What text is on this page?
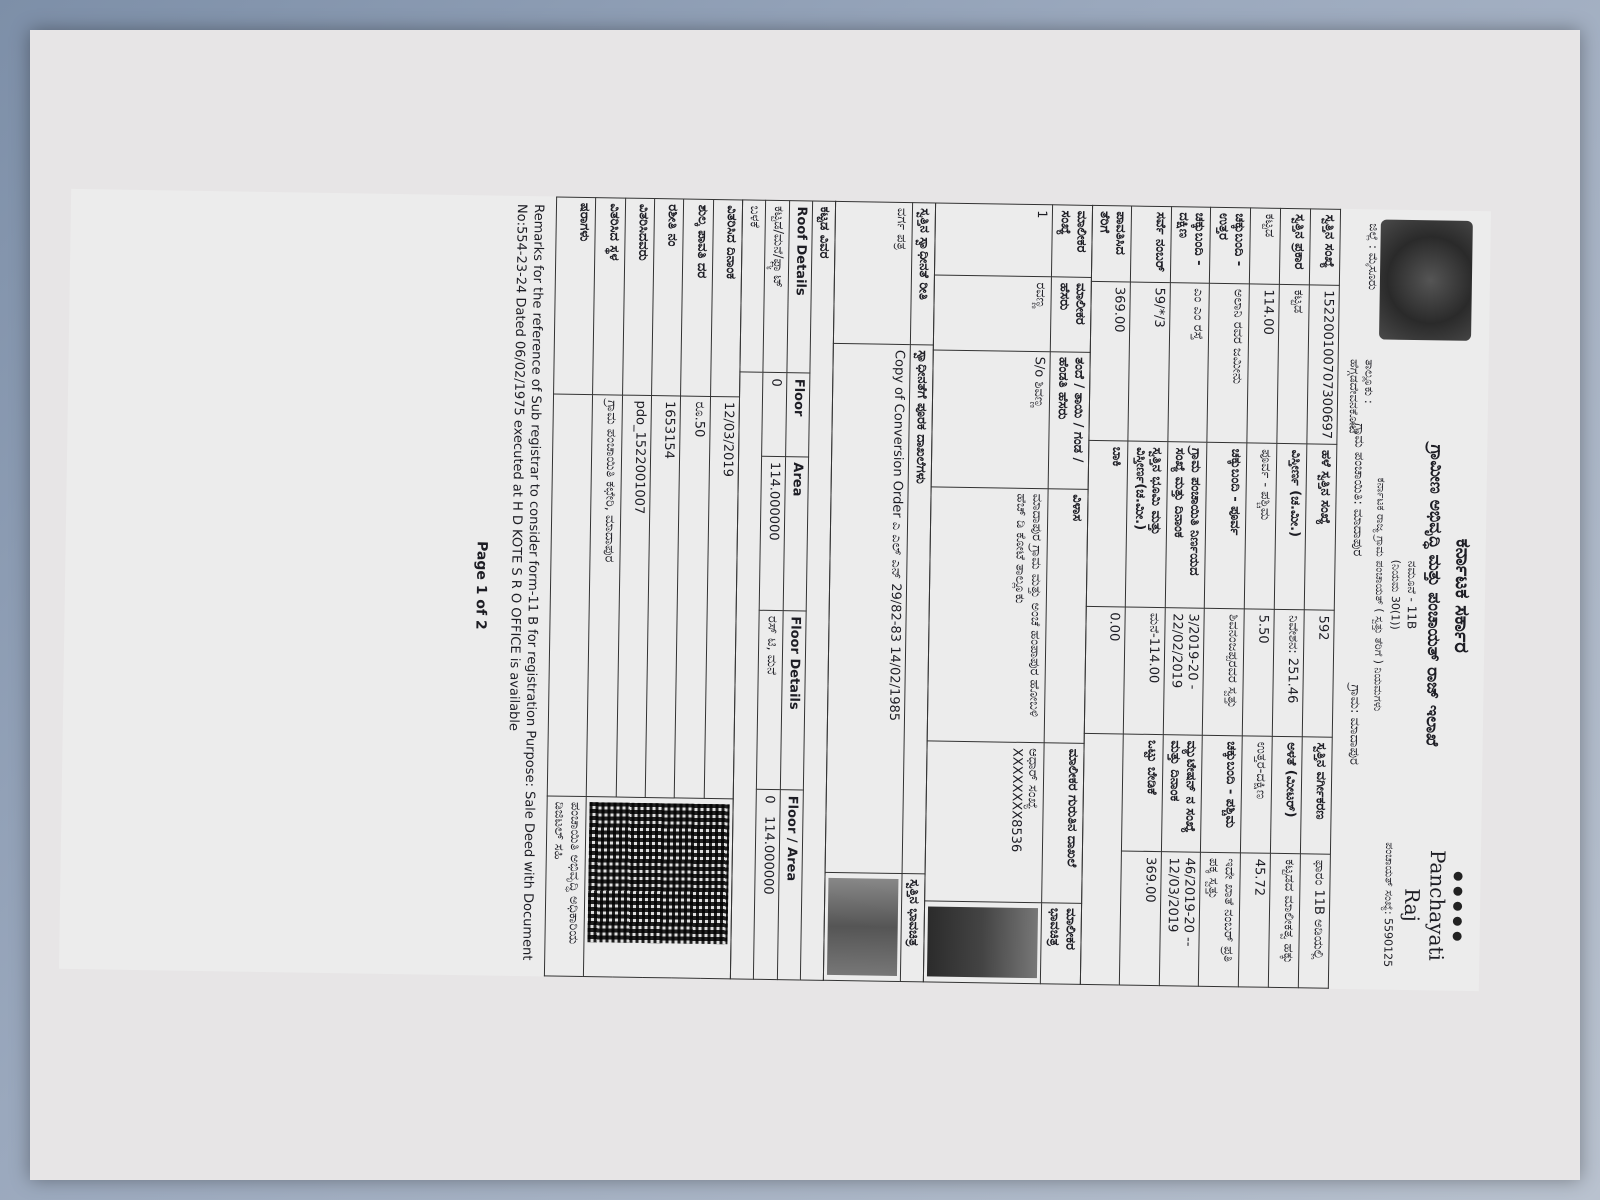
ಜಿಲ್ಲೆ : ಮೈಸೂರು
ಕರ್ನಾಟಕ ಸರ್ಕಾರ
ಗ್ರಾಮೀಣ ಅಭಿವೃದ್ಧಿ ಮತ್ತು ಪಂಚಾಯತ್ ರಾಜ್ ಇಲಾಖೆ
ನಮೂನೆ - 11B
(ನಿಯಮ 30(1))
ಕರ್ನಾಟಕ ರಾಜ್ಯ ಗ್ರಾಮ ಪಂಚಾಯತ್ ( ಸ್ವತ್ತು ತೆರಿಗೆ ) ನಿಯಮಗಳು
ಗ್ರಾಮ ಪಂಚಾಯಿತಿ: ಮಾದಾಪುರ
ಗ್ರಾಮ: ಮಾದಾಪುರ
ತಾಲ್ಲೂಕು :
ಹೆಗ್ಗಡದೇವನಕೋಟೆ
Panchayati Raj
ಪಂಚಾಯತ್ ಸಂಖ್ಯೆ: 5590125
ಸ್ವತ್ತಿನ ಸಂಖ್ಯೆ	152200100707300697	ಹಳೆ ಸ್ವತ್ತಿನ ಸಂಖ್ಯೆ	592	ಸ್ವತ್ತಿನ ವರ್ಗೀಕರಣ	ಫಾರಂ 11B ಅಡಿಯಲ್ಲಿ
ಸ್ವತ್ತಿನ ಪ್ರಕಾರ	ಕಟ್ಟಡ	ವಿಸ್ತೀರ್ಣ (ಚ.ಮೀ.)	ನಿವೇಶನ: 251.46	ಅಳತೆ (ಮೀಟರ್)	ಕಟ್ಟಡದ ಮಾಲೀಕತ್ವ ಹಕ್ಕು
ಕಟ್ಟಡ	114.00	ಪೂರ್ವ - ಪಶ್ಚಿಮ	5.50	ಉತ್ತರ-ದಕ್ಷಿಣ	45.72
ಚಕ್ಕುಬಂದಿ - ಉತ್ತರ	ಅಲಾನಿ ರವರ ಜಮೀನು	ಚಕ್ಕುಬಂದಿ - ಪೂರ್ವ	ಶಿವನಂಜಪ್ಪರವರ ಸ್ವತ್ತು	ಚಕ್ಕುಬಂದಿ - ಪಶ್ಚಿಮ	ಇದೇ ಖಾತೆ ನಂಬರ್ ಪ್ರತಿ ಪಕ್ಕ ಸ್ವತ್ತು
ಚಕ್ಕುಬಂದಿ - ದಕ್ಷಿಣ	ಎಂ ಎಂ ರಸ್ತೆ	ಗ್ರಾಮ ಪಂಚಾಯಿತಿ ನಿರ್ಣಯದ ಸಂಖ್ಯೆ ಮತ್ತು ದಿನಾಂಕ	3/2019-20 - 22/02/2019	ಮ್ಯುಟೇಷನ್ ನ ಸಂಖ್ಯೆ ಮತ್ತು ದಿನಾಂಕ	46/2019-20 -- 12/03/2019
ಸರ್ವೆ ನಂಬರ್	59/*/3	ಸ್ವತ್ತಿನ ಭೂಮಿ ಮತ್ತು ವಿಸ್ತೀರ್ಣ(ಚ.ಮೀ.)	ಮನೆ-114.00	ಒಟ್ಟು ಬೇಡಿಕೆ	369.00
ಪಾವತಿಸಿದ ತೆರಿಗೆ	369.00	ಬಾಕಿ	0.00		
ಮಾಲೀಕರ ಸಂಖ್ಯೆ	ಮಾಲೀಕರ ಹೆಸರು	ತಂದೆ / ತಾಯಿ / ಗಂಡ / ಹೆಂಡತಿ ಹೆಸರು	ವಿಳಾಸ	ಮಾಲೀಕರ ಗುರುತಿನ ದಾಖಲೆ	ಮಾಲೀಕರ ಭಾವಚಿತ್ರ
1	ರವಣ್ಣ	S/o ಶಿವಣ್ಣ	ಮಾದಾಪುರ ಗ್ರಾಮ ಮತ್ತು ಅಂಚೆ ಹಂಪಾಪುರ ಹೋಬಳಿ ಹೆಚ್ ಡಿ ಕೋಟೆ ತಾಲ್ಲೂಕು	ಆಧಾರ್ ಸಂಖ್ಯೆ XXXXXXXX8536	
ಸ್ವತ್ತಿನ ಸ್ವಾಧೀನತೆ ರೀತಿ	ಸ್ವಾಧೀನತೆಗೆ ಪೂರಕ ದಾಖಲೆಗಳು	ಸ್ವತ್ತಿನ ಭಾವಚಿತ್ರ
ವರ್ಗ ಪತ್ರ	Copy of Conversion Order ಎ ಎಲ್ ಎನ್ 29/82-83 14/02/1985	
ಕಟ್ಟಡ ವಿವರ				
Roof Details	Floor	Area	Floor Details	Floor / Area
ಕಟ್ಟಡ/ಮನೆ/ಫ್ಲ್ಯಾಟ್	0	114.000000	ರಸ್ ಟಿ, ಮನೆ	0   114.000000
ಬಳಕೆ				
ವಿತರಿಸಿದ ದಿನಾಂಕ	12/03/2019	

ಶುಲ್ಕ ಪಾವತಿ ದರ	ರೂ.50	
ರಶೀತಿ ನಂ	1653154	
ವಿತರಿಸಿದವರು	pdo_1522001007	
ವಿತರಿಸಿದ ಸ್ಥಳ	ಗ್ರಾಮ ಪಂಚಾಯಿತಿ ಕಛೇರಿ, ಮಾದಾಪುರ	
ಷರಾಗಳು		ಪಂಚಾಯಿತಿ ಅಭಿವೃದ್ಧಿ ಅಧಿಕಾರಿಯ ಡಿಜಿಟಲ್ ಸಹಿ
Remarks for the reference of Sub registrar to consider form-11 B for registration Purpose: Sale Deed with Document No:554-23-24 Dated 06/02/1975 executed at H D KOTE S R O OFFICE is available
Page 1 of 2
